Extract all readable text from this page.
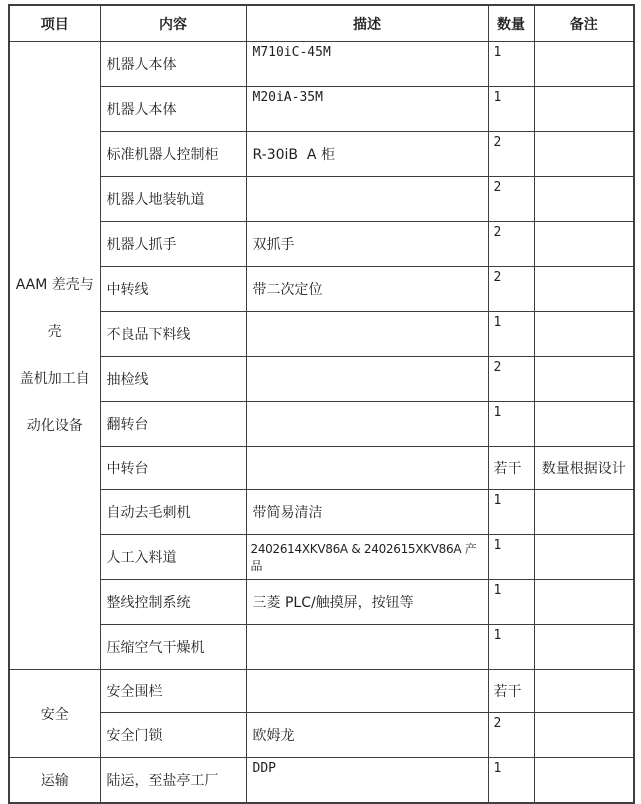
项目	内容	描述	数量	备注
AAM 差壳与壳
盖机加工自
动化设备	机器人本体	M710iC-45M	1	
	机器人本体	M20iA-35M	1	
	标准机器人控制柜	R-30iB  A 柜	2	
	机器人地装轨道		2	
	机器人抓手	双抓手	2	
	中转线	带二次定位	2	
	不良品下料线		1	
	抽检线		2	
	翻转台		1	
	中转台		若干	数量根据设计
	自动去毛刺机	带简易清洁	1	
	人工入料道	2402614XKV86A & 2402615XKV86A 产品	1	
	整线控制系统	三菱 PLC/触摸屏，按钮等	1	
	压缩空气干燥机		1	
安全	安全围栏		若干	
	安全门锁	欧姆龙	2	
运输	陆运，至盐亭工厂	DDP	1	
